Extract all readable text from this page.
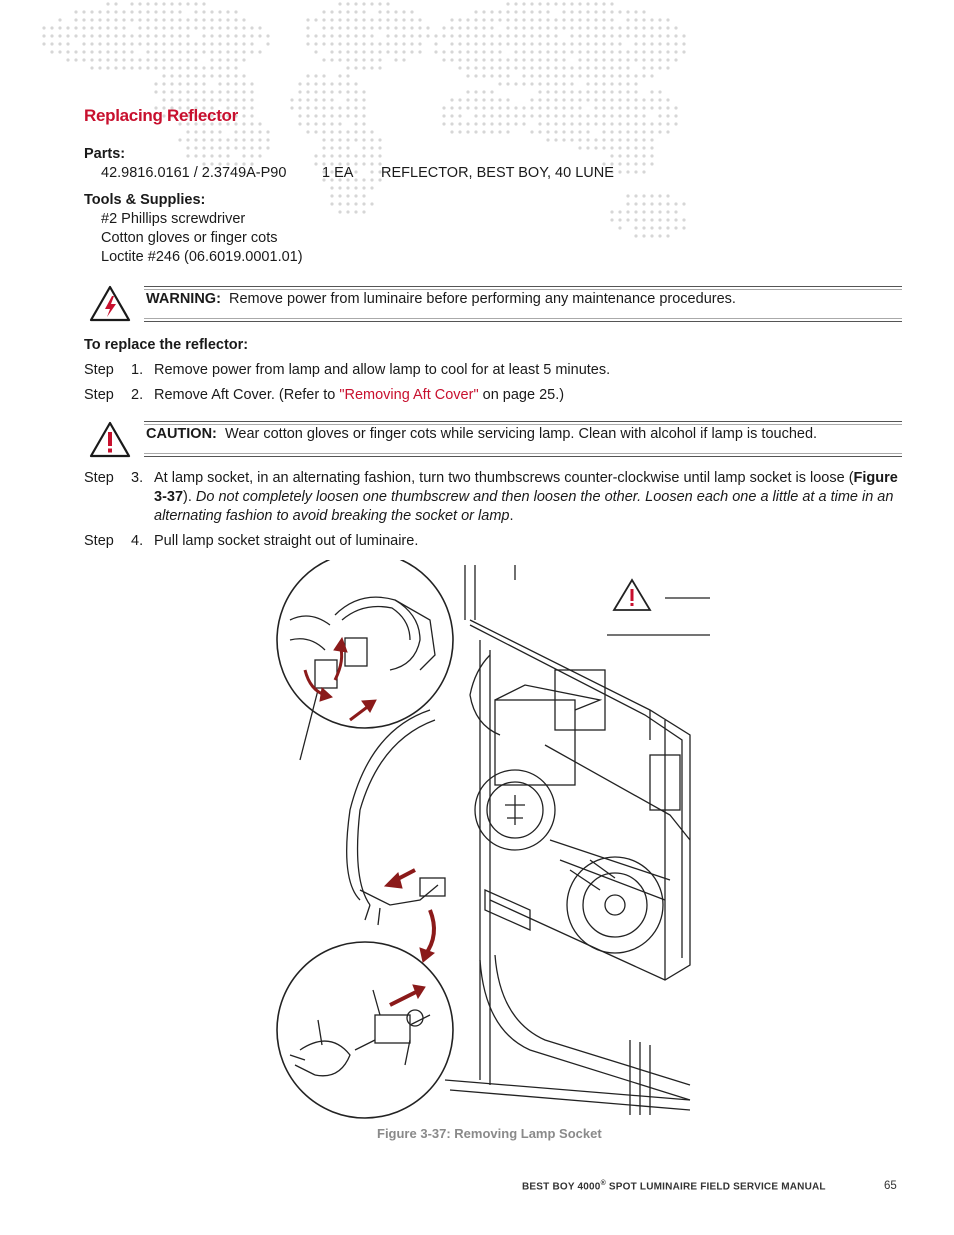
Replacing Reflector
Parts:
42.9816.0161 / 2.3749A-P90 1 EA REFLECTOR, BEST BOY, 40 LUNE
Tools & Supplies:
#2 Phillips screwdriver
Cotton gloves or finger cots
Loctite #246 (06.6019.0001.01)
WARNING: Remove power from luminaire before performing any maintenance procedures.
To replace the reflector:
Step 1. Remove power from lamp and allow lamp to cool for at least 5 minutes.
Step 2. Remove Aft Cover. (Refer to "Removing Aft Cover" on page 25.)
CAUTION: Wear cotton gloves or finger cots while servicing lamp. Clean with alcohol if lamp is touched.
Step 3. At lamp socket, in an alternating fashion, turn two thumbscrews counter-clockwise until lamp socket is loose (Figure 3-37). Do not completely loosen one thumbscrew and then loosen the other. Loosen each one a little at a time in an alternating fashion to avoid breaking the socket or lamp.
Step 4. Pull lamp socket straight out of luminaire.
Figure 3-37: Removing Lamp Socket
BEST BOY 4000® SPOT LUMINAIRE FIELD SERVICE MANUAL	65
